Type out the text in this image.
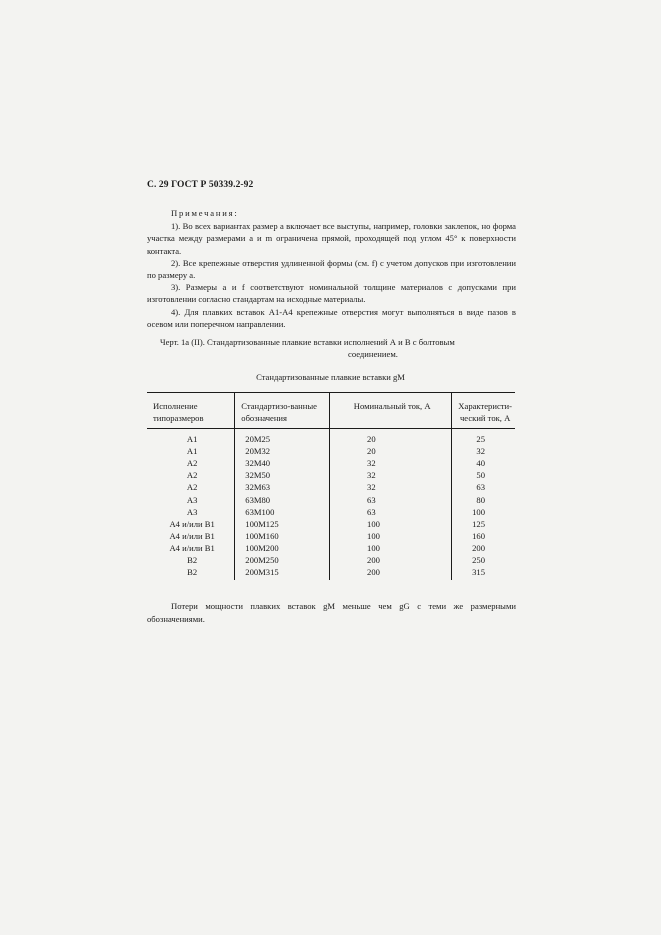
С. 29 ГОСТ Р 50339.2-92
Примечания:

1). Во всех вариантах размер a включает все выступы, например, головки заклепок, но форма участка между размерами a и m ограничена прямой, проходящей под углом 45° к поверхности контакта.

2). Все крепежные отверстия удлиненной формы (см. f) с учетом допусков при изготовлении по размеру a.

3). Размеры a и f соответствуют номинальной толщине материалов с допусками при изготовлении согласно стандартам на исходные материалы.

4). Для плавких вставок А1-А4 крепежные отверстия могут выполняться в виде пазов в осевом или поперечном направлении.

Черт. 1а (II). Стандартизованные плавкие вставки исполнений А и В с болтовым
соединением.
Стандартизованные плавкие вставки gM
Исполнение типоразмеров	Стандартизо-ванные обозначения	Номинальный ток, А	Характеристи-ческий ток, А
А1	20M25	20	25
А1	20M32	20	32
А2	32M40	32	40
А2	32M50	32	50
А2	32M63	32	63
А3	63M80	63	80
А3	63M100	63	100
А4 и/или В1	100M125	100	125
А4 и/или В1	100M160	100	160
А4 и/или В1	100M200	100	200
В2	200M250	200	250
В2	200M315	200	315

Потери мощности плавких вставок gM меньше чем gG с теми же размерными обозначениями.
